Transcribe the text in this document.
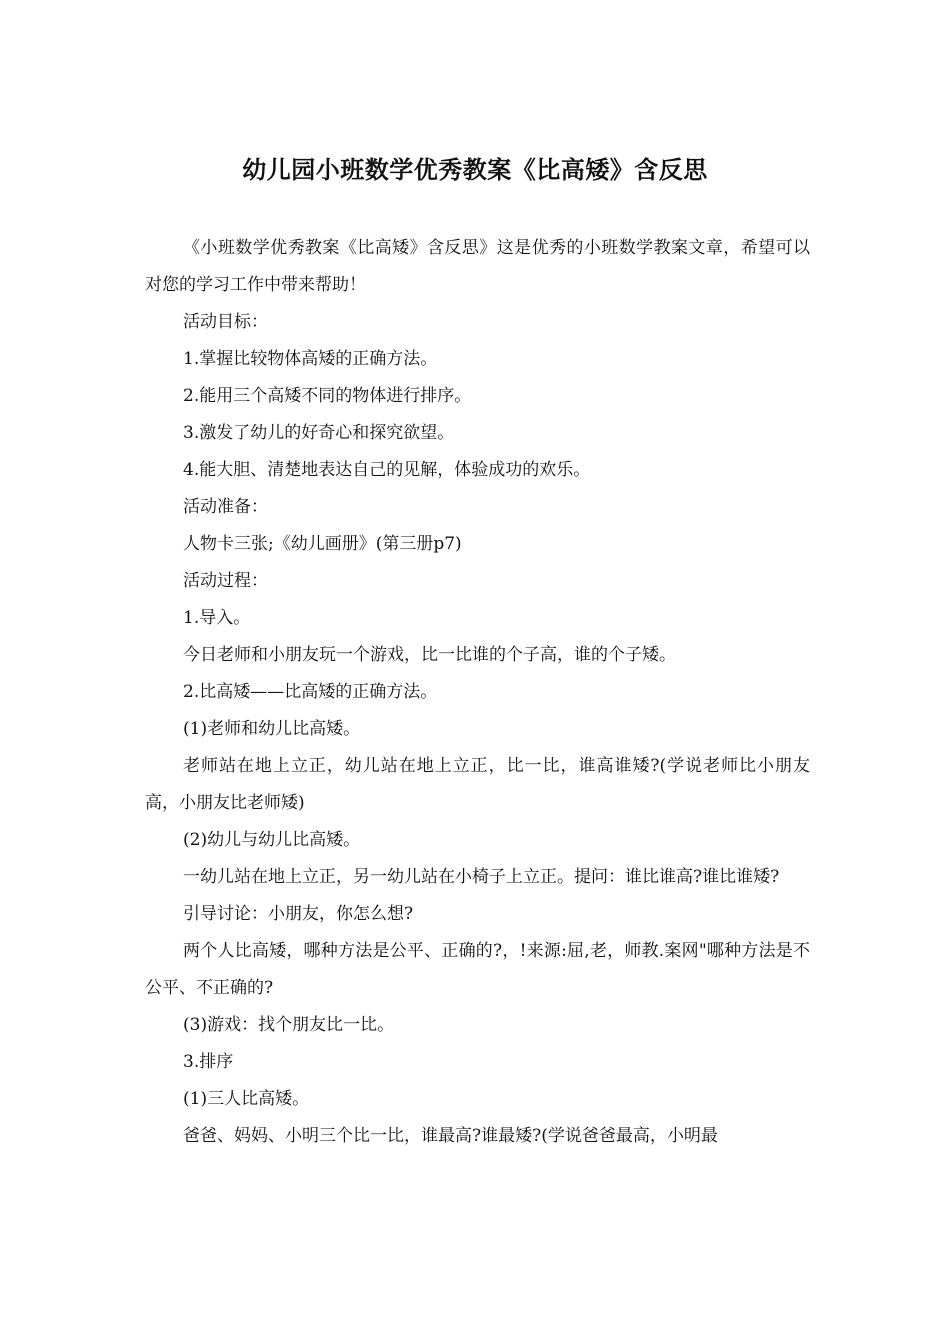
幼儿园小班数学优秀教案《比高矮》含反思

《小班数学优秀教案《比高矮》含反思》这是优秀的小班数学教案文章，希望可以对您的学习工作中带来帮助！

活动目标：

1.掌握比较物体高矮的正确方法。

2.能用三个高矮不同的物体进行排序。

3.激发了幼儿的好奇心和探究欲望。

4.能大胆、清楚地表达自己的见解，体验成功的欢乐。

活动准备：

人物卡三张;《幼儿画册》(第三册p7)

活动过程：

1.导入。

今日老师和小朋友玩一个游戏，比一比谁的个子高，谁的个子矮。

2.比高矮——比高矮的正确方法。

(1)老师和幼儿比高矮。

老师站在地上立正，幼儿站在地上立正，比一比，谁高谁矮?(学说老师比小朋友高，小朋友比老师矮)

(2)幼儿与幼儿比高矮。

一幼儿站在地上立正，另一幼儿站在小椅子上立正。提问：谁比谁高?谁比谁矮?

引导讨论：小朋友，你怎么想?

两个人比高矮，哪种方法是公平、正确的?，!来源:屈,老，师教.案网"哪种方法是不公平、不正确的?

(3)游戏：找个朋友比一比。

3.排序

(1)三人比高矮。

爸爸、妈妈、小明三个比一比，谁最高?谁最矮?(学说爸爸最高，小明最
